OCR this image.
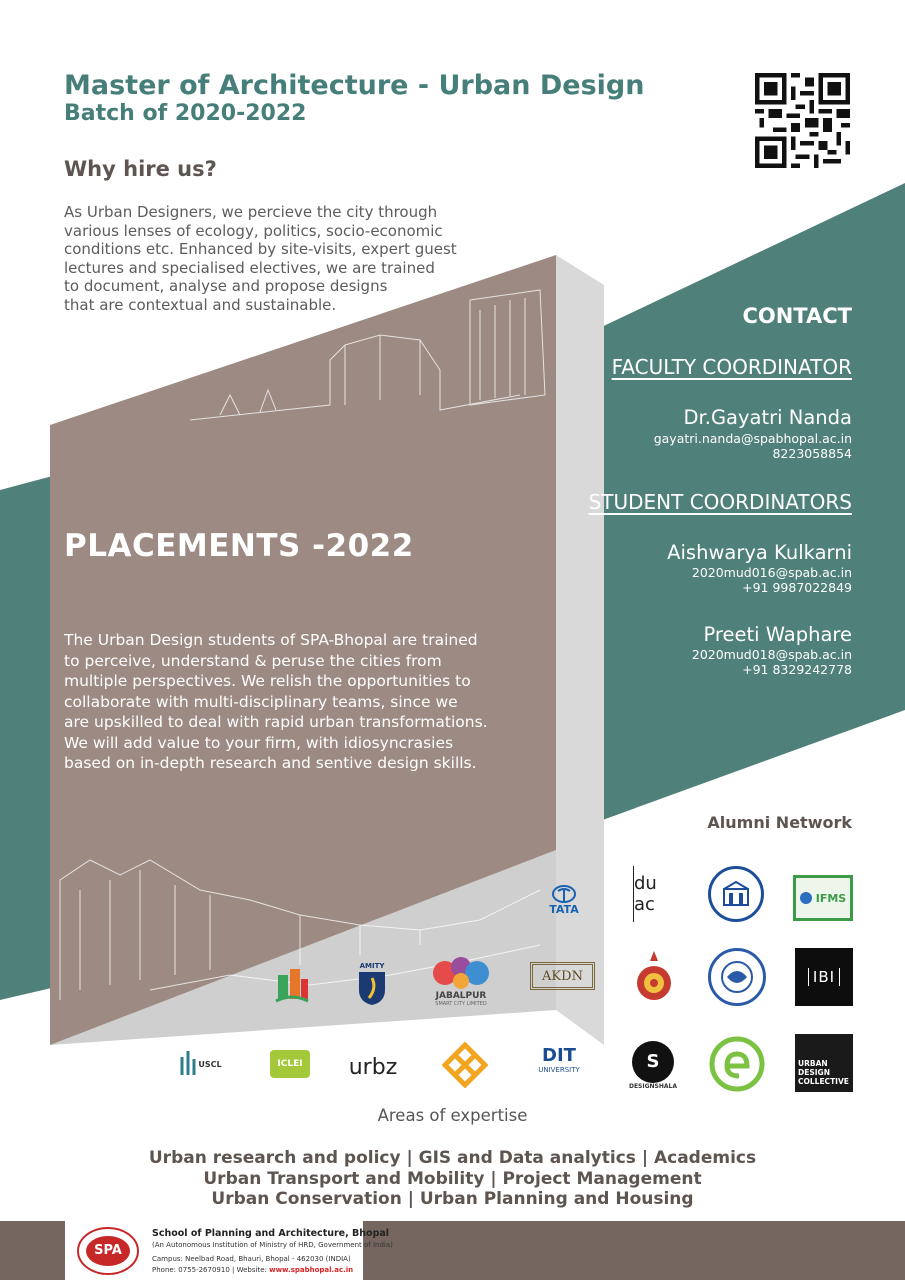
Master of Architecture - Urban Design
Batch of 2020-2022
Why hire us?
As Urban Designers, we percieve the city through
various lenses of ecology, politics, socio-economic
conditions etc. Enhanced by site-visits, expert guest
lectures and specialised electives, we are trained
to document, analyse and propose designs
that are contextual and sustainable.
PLACEMENTS -2022
The Urban Design students of SPA-Bhopal are trained
to perceive, understand & peruse the cities from
multiple perspectives. We relish the opportunities to
collaborate with multi-disciplinary teams, since we
are upskilled to deal with rapid urban transformations.
We will add value to your firm, with idiosyncrasies
based on in-depth research and sentive design skills.
CONTACT
FACULTY COORDINATOR
Dr.Gayatri Nanda
gayatri.nanda@spabhopal.ac.in
8223058854
STUDENT COORDINATORS
Aishwarya Kulkarni
2020mud016@spab.ac.in
+91 9987022849
Preeti Waphare
2020mud018@spab.ac.in
+91 8329242778
Alumni Network
TATA
du ac	IFMS
AMITY
JABALPUR
SMART CITY LIMITED
AKDN	IBI
USCL	ICLEI urbz	DIT
UNIVERSITY	S
DESIGNSHALA
URBAN
DESIGN
COLLECTIVE
Areas of expertise
Urban research and policy | GIS and Data analytics | Academics
Urban Transport and Mobility | Project Management
Urban Conservation | Urban Planning and Housing
SPA
School of Planning and Architecture, Bhopal
(An Autonomous Institution of Ministry of HRD, Government of India)
Campus: Neelbad Road, Bhauri, Bhopal - 462030 (INDIA)
Phone: 0755-2670910 | Website: www.spabhopal.ac.in
